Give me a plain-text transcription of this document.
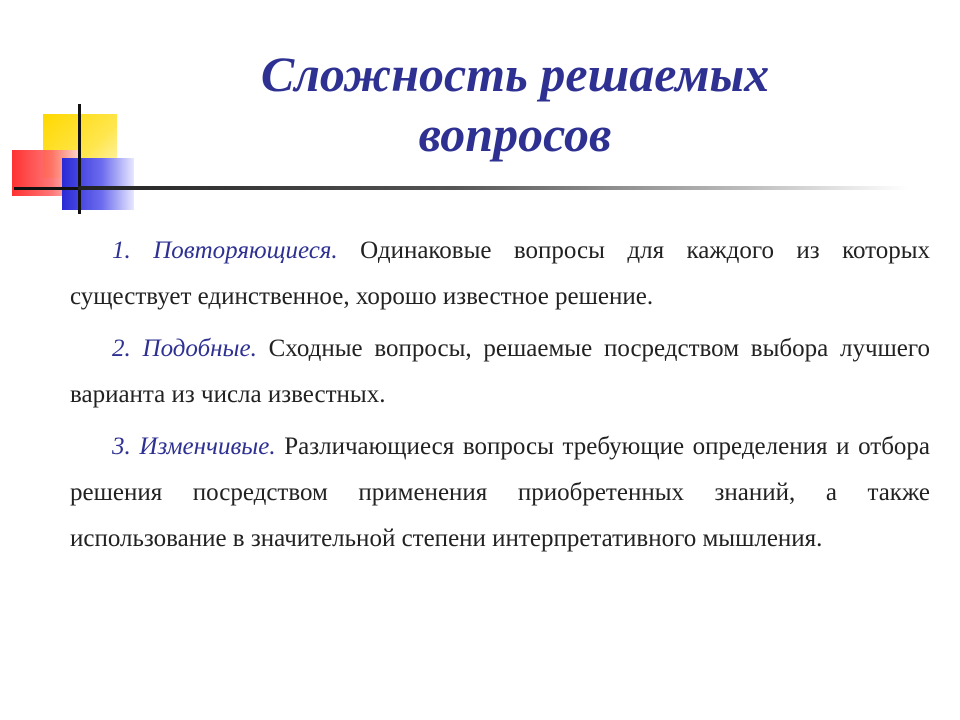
Сложность решаемых
вопросов

1. Повторяющиеся. Одинаковые вопросы для каждого из которых существует единственное, хорошо известное решение.

2. Подобные. Сходные вопросы, решаемые посредством выбора лучшего варианта из числа известных.

3. Изменчивые. Различающиеся вопросы требующие определения и отбора решения посредством применения приобретенных знаний, а также использование в значительной степени интерпретативного мышления.
